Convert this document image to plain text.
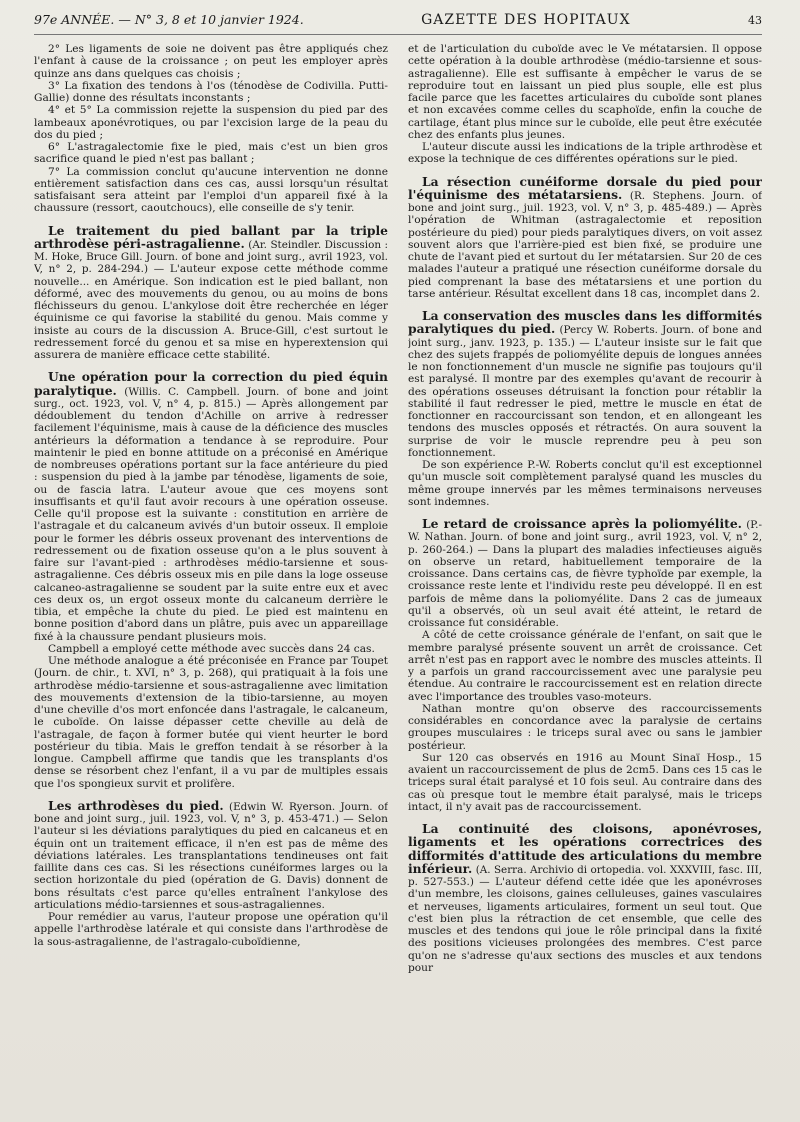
97e ANNÉE. — N° 3, 8 et 10 janvier 1924.	GAZETTE DES HOPITAUX	43

2° Les ligaments de soie ne doivent pas être appliqués chez l'enfant à cause de la croissance ; on peut les employer après quinze ans dans quelques cas choisis ;

3° La fixation des tendons à l'os (ténodèse de Codivilla. Putti-Gallie) donne des résultats inconstants ;

4° et 5° La commission rejette la suspension du pied par des lambeaux aponévrotiques, ou par l'excision large de la peau du dos du pied ;

6° L'astragalectomie fixe le pied, mais c'est un bien gros sacrifice quand le pied n'est pas ballant ;

7° La commission conclut qu'aucune intervention ne donne entièrement satisfaction dans ces cas, aussi lorsqu'un résultat satisfaisant sera atteint par l'emploi d'un appareil fixé à la chaussure (ressort, caoutchoucs), elle conseille de s'y tenir.

Le traitement du pied ballant par la triple arthrodèse péri-astragalienne. (Ar. Steindler. Discussion : M. Hoke, Bruce Gill. Journ. of bone and joint surg., avril 1923, vol. V, n° 2, p. 284-294.) — L'auteur expose cette méthode comme nouvelle... en Amérique. Son indication est le pied ballant, non déformé, avec des mouvements du genou, ou au moins de bons fléchisseurs du genou. L'ankylose doit être recherchée en léger équinisme ce qui favorise la stabilité du genou. Mais comme y insiste au cours de la discussion A. Bruce-Gill, c'est surtout le redressement forcé du genou et sa mise en hyperextension qui assurera de manière efficace cette stabilité.

Une opération pour la correction du pied équin paralytique. (Willis. C. Campbell. Journ. of bone and joint surg., oct. 1923, vol. V, n° 4, p. 815.) — Après allongement par dédoublement du tendon d'Achille on arrive à redresser facilement l'équinisme, mais à cause de la déficience des muscles antérieurs la déformation a tendance à se reproduire. Pour maintenir le pied en bonne attitude on a préconisé en Amérique de nombreuses opérations portant sur la face antérieure du pied : suspension du pied à la jambe par ténodèse, ligaments de soie, ou de fascia latra. L'auteur avoue que ces moyens sont insuffisants et qu'il faut avoir recours à une opération osseuse. Celle qu'il propose est la suivante : constitution en arrière de l'astragale et du calcaneum avivés d'un butoir osseux. Il emploie pour le former les débris osseux provenant des interventions de redressement ou de fixation osseuse qu'on a le plus souvent à faire sur l'avant-pied : arthrodèses médio-tarsienne et sous-astragalienne. Ces débris osseux mis en pile dans la loge osseuse calcaneo-astragalienne se soudent par la suite entre eux et avec ces deux os, un ergot osseux monte du calcaneum derrière le tibia, et empêche la chute du pied. Le pied est maintenu en bonne position d'abord dans un plâtre, puis avec un appareillage fixé à la chaussure pendant plusieurs mois.

Campbell a employé cette méthode avec succès dans 24 cas.

Une méthode analogue a été préconisée en France par Toupet (Journ. de chir., t. XVI, n° 3, p. 268), qui pratiquait à la fois une arthrodèse médio-tarsienne et sous-astragalienne avec limitation des mouvements d'extension de la tibio-tarsienne, au moyen d'une cheville d'os mort enfoncée dans l'astragale, le calcaneum, le cuboïde. On laisse dépasser cette cheville au delà de l'astragale, de façon à former butée qui vient heurter le bord postérieur du tibia. Mais le greffon tendait à se résorber à la longue. Campbell affirme que tandis que les transplants d'os dense se résorbent chez l'enfant, il a vu par de multiples essais que l'os spongieux survit et prolifère.

Les arthrodèses du pied. (Edwin W. Ryerson. Journ. of bone and joint surg., juil. 1923, vol. V, n° 3, p. 453-471.) — Selon l'auteur si les déviations paralytiques du pied en calcaneus et en équin ont un traitement efficace, il n'en est pas de même des déviations latérales. Les transplantations tendineuses ont fait faillite dans ces cas. Si les résections cunéiformes larges ou la section horizontale du pied (opération de G. Davis) donnent de bons résultats c'est parce qu'elles entraînent l'ankylose des articulations médio-tarsiennes et sous-astragaliennes.

Pour remédier au varus, l'auteur propose une opération qu'il appelle l'arthrodèse latérale et qui consiste dans l'arthrodèse de la sous-astragalienne, de l'astragalo-cuboïdienne,

et de l'articulation du cuboïde avec le Ve métatarsien. Il oppose cette opération à la double arthrodèse (médio-tarsienne et sous-astragalienne). Elle est suffisante à empêcher le varus de se reproduire tout en laissant un pied plus souple, elle est plus facile parce que les facettes articulaires du cuboïde sont planes et non excavées comme celles du scaphoïde, enfin la couche de cartilage, étant plus mince sur le cuboïde, elle peut être exécutée chez des enfants plus jeunes.

L'auteur discute aussi les indications de la triple arthrodèse et expose la technique de ces différentes opérations sur le pied.

La résection cunéiforme dorsale du pied pour l'équinisme des métatarsiens. (R. Stephens. Journ. of bone and joint surg., juil. 1923, vol. V, n° 3, p. 485-489.) — Après l'opération de Whitman (astragalectomie et reposition postérieure du pied) pour pieds paralytiques divers, on voit assez souvent alors que l'arrière-pied est bien fixé, se produire une chute de l'avant pied et surtout du Ier métatarsien. Sur 20 de ces malades l'auteur a pratiqué une résection cunéiforme dorsale du pied comprenant la base des métatarsiens et une portion du tarse antérieur. Résultat excellent dans 18 cas, incomplet dans 2.

La conservation des muscles dans les difformités paralytiques du pied. (Percy W. Roberts. Journ. of bone and joint surg., janv. 1923, p. 135.) — L'auteur insiste sur le fait que chez des sujets frappés de poliomyélite depuis de longues années le non fonctionnement d'un muscle ne signifie pas toujours qu'il est paralysé. Il montre par des exemples qu'avant de recourir à des opérations osseuses détruisant la fonction pour rétablir la stabilité il faut redresser le pied, mettre le muscle en état de fonctionner en raccourcissant son tendon, et en allongeant les tendons des muscles opposés et rétractés. On aura souvent la surprise de voir le muscle reprendre peu à peu son fonctionnement.

De son expérience P.-W. Roberts conclut qu'il est exceptionnel qu'un muscle soit complètement paralysé quand les muscles du même groupe innervés par les mêmes terminaisons nerveuses sont indemnes.

Le retard de croissance après la poliomyélite. (P.-W. Nathan. Journ. of bone and joint surg., avril 1923, vol. V, n° 2, p. 260-264.) — Dans la plupart des maladies infectieuses aiguës on observe un retard, habituellement temporaire de la croissance. Dans certains cas, de fièvre typhoïde par exemple, la croissance reste lente et l'individu reste peu développé. Il en est parfois de même dans la poliomyélite. Dans 2 cas de jumeaux qu'il a observés, où un seul avait été atteint, le retard de croissance fut considérable.

A côté de cette croissance générale de l'enfant, on sait que le membre paralysé présente souvent un arrêt de croissance. Cet arrêt n'est pas en rapport avec le nombre des muscles atteints. Il y a parfois un grand raccourcissement avec une paralysie peu étendue. Au contraire le raccourcissement est en relation directe avec l'importance des troubles vaso-moteurs.

Nathan montre qu'on observe des raccourcissements considérables en concordance avec la paralysie de certains groupes musculaires : le triceps sural avec ou sans le jambier postérieur.

Sur 120 cas observés en 1916 au Mount Sinaï Hosp., 15 avaient un raccourcissement de plus de 2cm5. Dans ces 15 cas le triceps sural était paralysé et 10 fois seul. Au contraire dans des cas où presque tout le membre était paralysé, mais le triceps intact, il n'y avait pas de raccourcissement.

La continuité des cloisons, aponévroses, ligaments et les opérations correctrices des difformités d'attitude des articulations du membre inférieur. (A. Serra. Archivio di ortopedia. vol. XXXVIII, fasc. III, p. 527-553.) — L'auteur défend cette idée que les aponévroses d'un membre, les cloisons, gaines celluleuses, gaines vasculaires et nerveuses, ligaments articulaires, forment un seul tout. Que c'est bien plus la rétraction de cet ensemble, que celle des muscles et des tendons qui joue le rôle principal dans la fixité des positions vicieuses prolongées des membres. C'est parce qu'on ne s'adresse qu'aux sections des muscles et aux tendons pour
